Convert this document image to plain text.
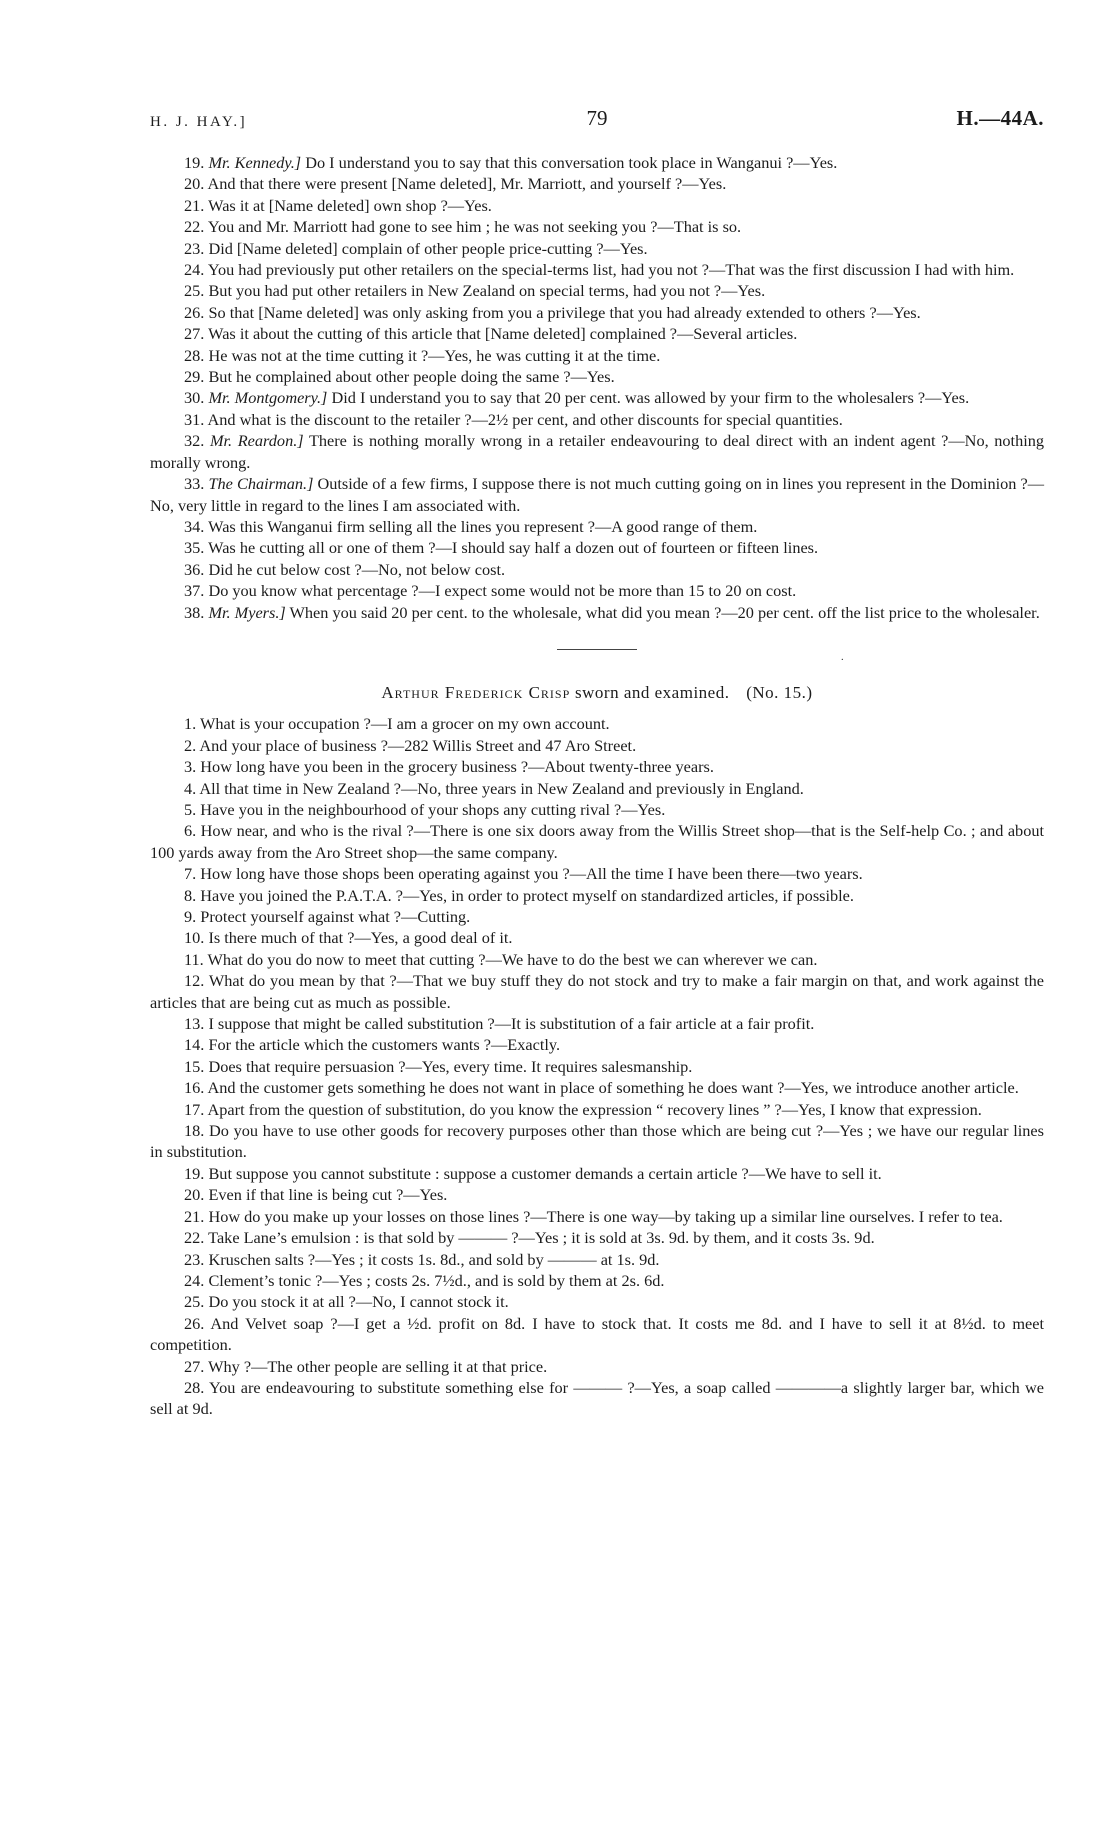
H. J. HAY.]	79	H.—44A.

19. Mr. Kennedy.] Do I understand you to say that this conversation took place in Wanganui ?—Yes.

20. And that there were present [Name deleted], Mr. Marriott, and yourself ?—Yes.

21. Was it at [Name deleted] own shop ?—Yes.

22. You and Mr. Marriott had gone to see him ; he was not seeking you ?—That is so.

23. Did [Name deleted] complain of other people price-cutting ?—Yes.

24. You had previously put other retailers on the special-terms list, had you not ?—That was the first discussion I had with him.

25. But you had put other retailers in New Zealand on special terms, had you not ?—Yes.

26. So that [Name deleted] was only asking from you a privilege that you had already extended to others ?—Yes.

27. Was it about the cutting of this article that [Name deleted] complained ?—Several articles.

28. He was not at the time cutting it ?—Yes, he was cutting it at the time.

29. But he complained about other people doing the same ?—Yes.

30. Mr. Montgomery.] Did I understand you to say that 20 per cent. was allowed by your firm to the wholesalers ?—Yes.

31. And what is the discount to the retailer ?—2½ per cent, and other discounts for special quantities.

32. Mr. Reardon.] There is nothing morally wrong in a retailer endeavouring to deal direct with an indent agent ?—No, nothing morally wrong.

33. The Chairman.] Outside of a few firms, I suppose there is not much cutting going on in lines you represent in the Dominion ?—No, very little in regard to the lines I am associated with.

34. Was this Wanganui firm selling all the lines you represent ?—A good range of them.

35. Was he cutting all or one of them ?—I should say half a dozen out of fourteen or fifteen lines.

36. Did he cut below cost ?—No, not below cost.

37. Do you know what percentage ?—I expect some would not be more than 15 to 20 on cost.

38. Mr. Myers.] When you said 20 per cent. to the wholesale, what did you mean ?—20 per cent. off the list price to the wholesaler.

·
Arthur Frederick Crisp sworn and examined. (No. 15.)

1. What is your occupation ?—I am a grocer on my own account.

2. And your place of business ?—282 Willis Street and 47 Aro Street.

3. How long have you been in the grocery business ?—About twenty-three years.

4. All that time in New Zealand ?—No, three years in New Zealand and previously in England.

5. Have you in the neighbourhood of your shops any cutting rival ?—Yes.

6. How near, and who is the rival ?—There is one six doors away from the Willis Street shop—that is the Self-help Co. ; and about 100 yards away from the Aro Street shop—the same company.

7. How long have those shops been operating against you ?—All the time I have been there—two years.

8. Have you joined the P.A.T.A. ?—Yes, in order to protect myself on standardized articles, if possible.

9. Protect yourself against what ?—Cutting.

10. Is there much of that ?—Yes, a good deal of it.

11. What do you do now to meet that cutting ?—We have to do the best we can wherever we can.

12. What do you mean by that ?—That we buy stuff they do not stock and try to make a fair margin on that, and work against the articles that are being cut as much as possible.

13. I suppose that might be called substitution ?—It is substitution of a fair article at a fair profit.

14. For the article which the customers wants ?—Exactly.

15. Does that require persuasion ?—Yes, every time. It requires salesmanship.

16. And the customer gets something he does not want in place of something he does want ?—Yes, we introduce another article.

17. Apart from the question of substitution, do you know the expression “ recovery lines ” ?—Yes, I know that expression.

18. Do you have to use other goods for recovery purposes other than those which are being cut ?—Yes ; we have our regular lines in substitution.

19. But suppose you cannot substitute : suppose a customer demands a certain article ?—We have to sell it.

20. Even if that line is being cut ?—Yes.

21. How do you make up your losses on those lines ?—There is one way—by taking up a similar line ourselves. I refer to tea.

22. Take Lane’s emulsion : is that sold by ——— ?—Yes ; it is sold at 3s. 9d. by them, and it costs 3s. 9d.

23. Kruschen salts ?—Yes ; it costs 1s. 8d., and sold by ——— at 1s. 9d.

24. Clement’s tonic ?—Yes ; costs 2s. 7½d., and is sold by them at 2s. 6d.

25. Do you stock it at all ?—No, I cannot stock it.

26. And Velvet soap ?—I get a ½d. profit on 8d. I have to stock that. It costs me 8d. and I have to sell it at 8½d. to meet competition.

27. Why ?—The other people are selling it at that price.

28. You are endeavouring to substitute something else for ——— ?—Yes, a soap called ————a slightly larger bar, which we sell at 9d.
